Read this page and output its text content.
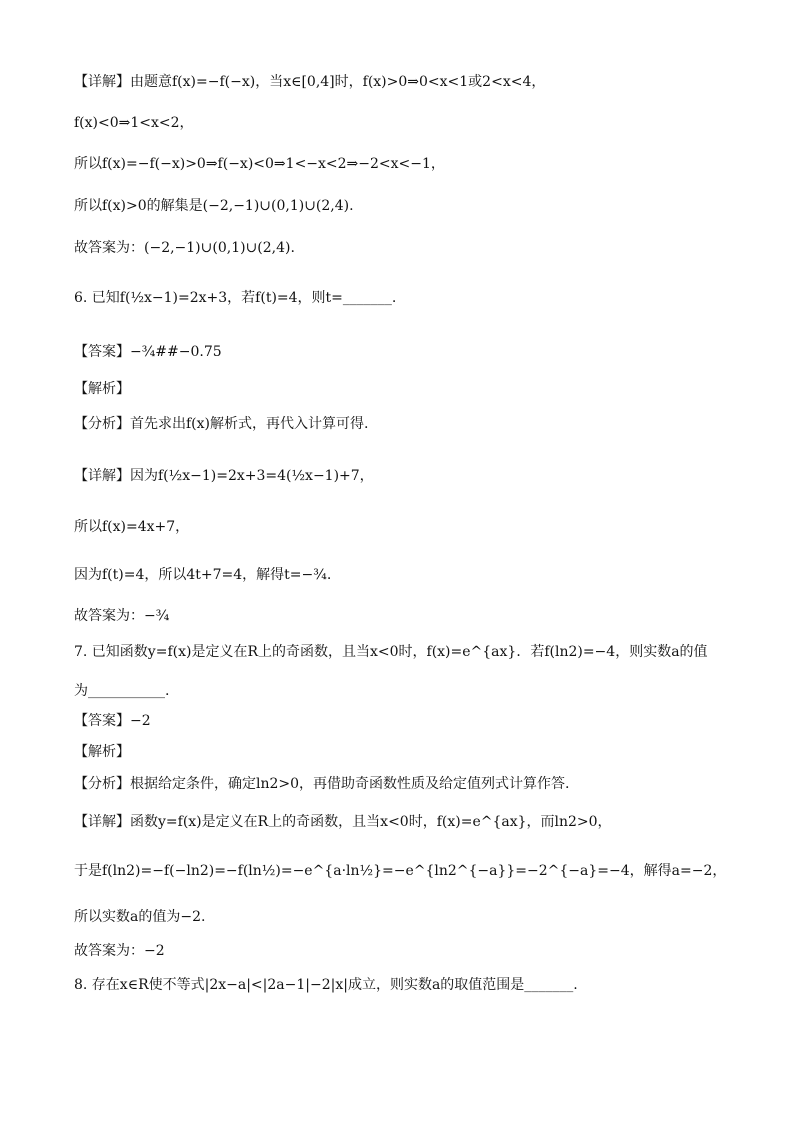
【详解】由题意f(x)=−f(−x)，当x∈[0,4]时，f(x)>0⇒0<x<1或2<x<4，
f(x)<0⇒1<x<2，
所以f(x)=−f(−x)>0⇒f(−x)<0⇒1<−x<2⇒−2<x<−1，
所以f(x)>0的解集是(−2,−1)∪(0,1)∪(2,4).
故答案为：(−2,−1)∪(0,1)∪(2,4).
6. 已知f(½x−1)=2x+3，若f(t)=4，则t=_______.
【答案】−¾##−0.75
【解析】
【分析】首先求出f(x)解析式，再代入计算可得.
【详解】因为f(½x−1)=2x+3=4(½x−1)+7，
所以f(x)=4x+7，
因为f(t)=4，所以4t+7=4，解得t=−¾.
故答案为：−¾
7. 已知函数y=f(x)是定义在R上的奇函数，且当x<0时，f(x)=e^{ax}．若f(ln2)=−4，则实数a的值
为___________.
【答案】−2
【解析】
【分析】根据给定条件，确定ln2>0，再借助奇函数性质及给定值列式计算作答.
【详解】函数y=f(x)是定义在R上的奇函数，且当x<0时，f(x)=e^{ax}，而ln2>0，
于是f(ln2)=−f(−ln2)=−f(ln½)=−e^{a·ln½}=−e^{ln2^{−a}}=−2^{−a}=−4，解得a=−2，
所以实数a的值为−2.
故答案为：−2
8. 存在x∈R使不等式|2x−a|<|2a−1|−2|x|成立，则实数a的取值范围是_______.
